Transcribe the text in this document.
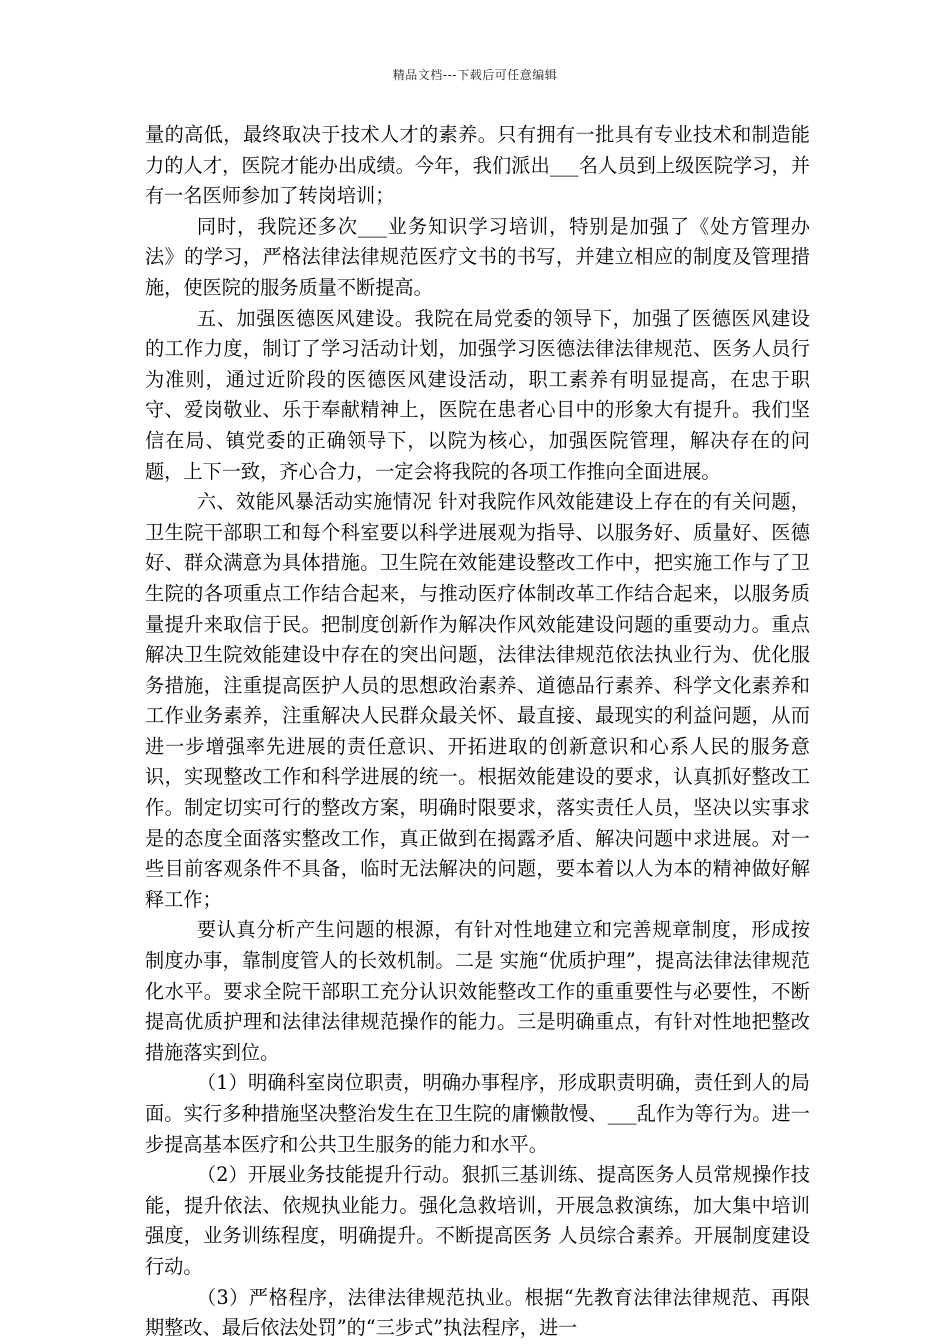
精品文档---下载后可任意编辑

量的高低，最终取决于技术人才的素养。只有拥有一批具有专业技术和制造能力的人才，医院才能办出成绩。今年，我们派出___名人员到上级医院学习，并有一名医师参加了转岗培训；

同时，我院还多次___业务知识学习培训，特别是加强了《处方管理办法》的学习，严格法律法律规范医疗文书的书写，并建立相应的制度及管理措施，使医院的服务质量不断提高。

五、加强医德医风建设。我院在局党委的领导下，加强了医德医风建设的工作力度，制订了学习活动计划，加强学习医德法律法律规范、医务人员行为准则，通过近阶段的医德医风建设活动，职工素养有明显提高，在忠于职守、爱岗敬业、乐于奉献精神上，医院在患者心目中的形象大有提升。我们坚信在局、镇党委的正确领导下，以院为核心，加强医院管理，解决存在的问题，上下一致，齐心合力，一定会将我院的各项工作推向全面进展。

六、效能风暴活动实施情况 针对我院作风效能建设上存在的有关问题，卫生院干部职工和每个科室要以科学进展观为指导、以服务好、质量好、医德好、群众满意为具体措施。卫生院在效能建设整改工作中，把实施工作与了卫生院的各项重点工作结合起来，与推动医疗体制改革工作结合起来，以服务质量提升来取信于民。把制度创新作为解决作风效能建设问题的重要动力。重点解决卫生院效能建设中存在的突出问题，法律法律规范依法执业行为、优化服务措施，注重提高医护人员的思想政治素养、道德品行素养、科学文化素养和工作业务素养，注重解决人民群众最关怀、最直接、最现实的利益问题，从而进一步增强率先进展的责任意识、开拓进取的创新意识和心系人民的服务意识，实现整改工作和科学进展的统一。根据效能建设的要求，认真抓好整改工作。制定切实可行的整改方案，明确时限要求，落实责任人员，坚决以实事求是的态度全面落实整改工作，真正做到在揭露矛盾、解决问题中求进展。对一些目前客观条件不具备，临时无法解决的问题，要本着以人为本的精神做好解释工作；

要认真分析产生问题的根源，有针对性地建立和完善规章制度，形成按制度办事，靠制度管人的长效机制。二是 实施“优质护理”，提高法律法律规范化水平。要求全院干部职工充分认识效能整改工作的重重要性与必要性，不断提高优质护理和法律法律规范操作的能力。三是明确重点，有针对性地把整改措施落实到位。

（1）明确科室岗位职责，明确办事程序，形成职责明确，责任到人的局面。实行多种措施坚决整治发生在卫生院的庸懒散慢、___乱作为等行为。进一步提高基本医疗和公共卫生服务的能力和水平。

（2）开展业务技能提升行动。狠抓三基训练、提高医务人员常规操作技能，提升依法、依规执业能力。强化急救培训，开展急救演练，加大集中培训强度，业务训练程度，明确提升。不断提高医务 人员综合素养。开展制度建设行动。

（3）严格程序，法律法律规范执业。根据“先教育法律法律规范、再限期整改、最后依法处罚”的“三步式”执法程序，进一
